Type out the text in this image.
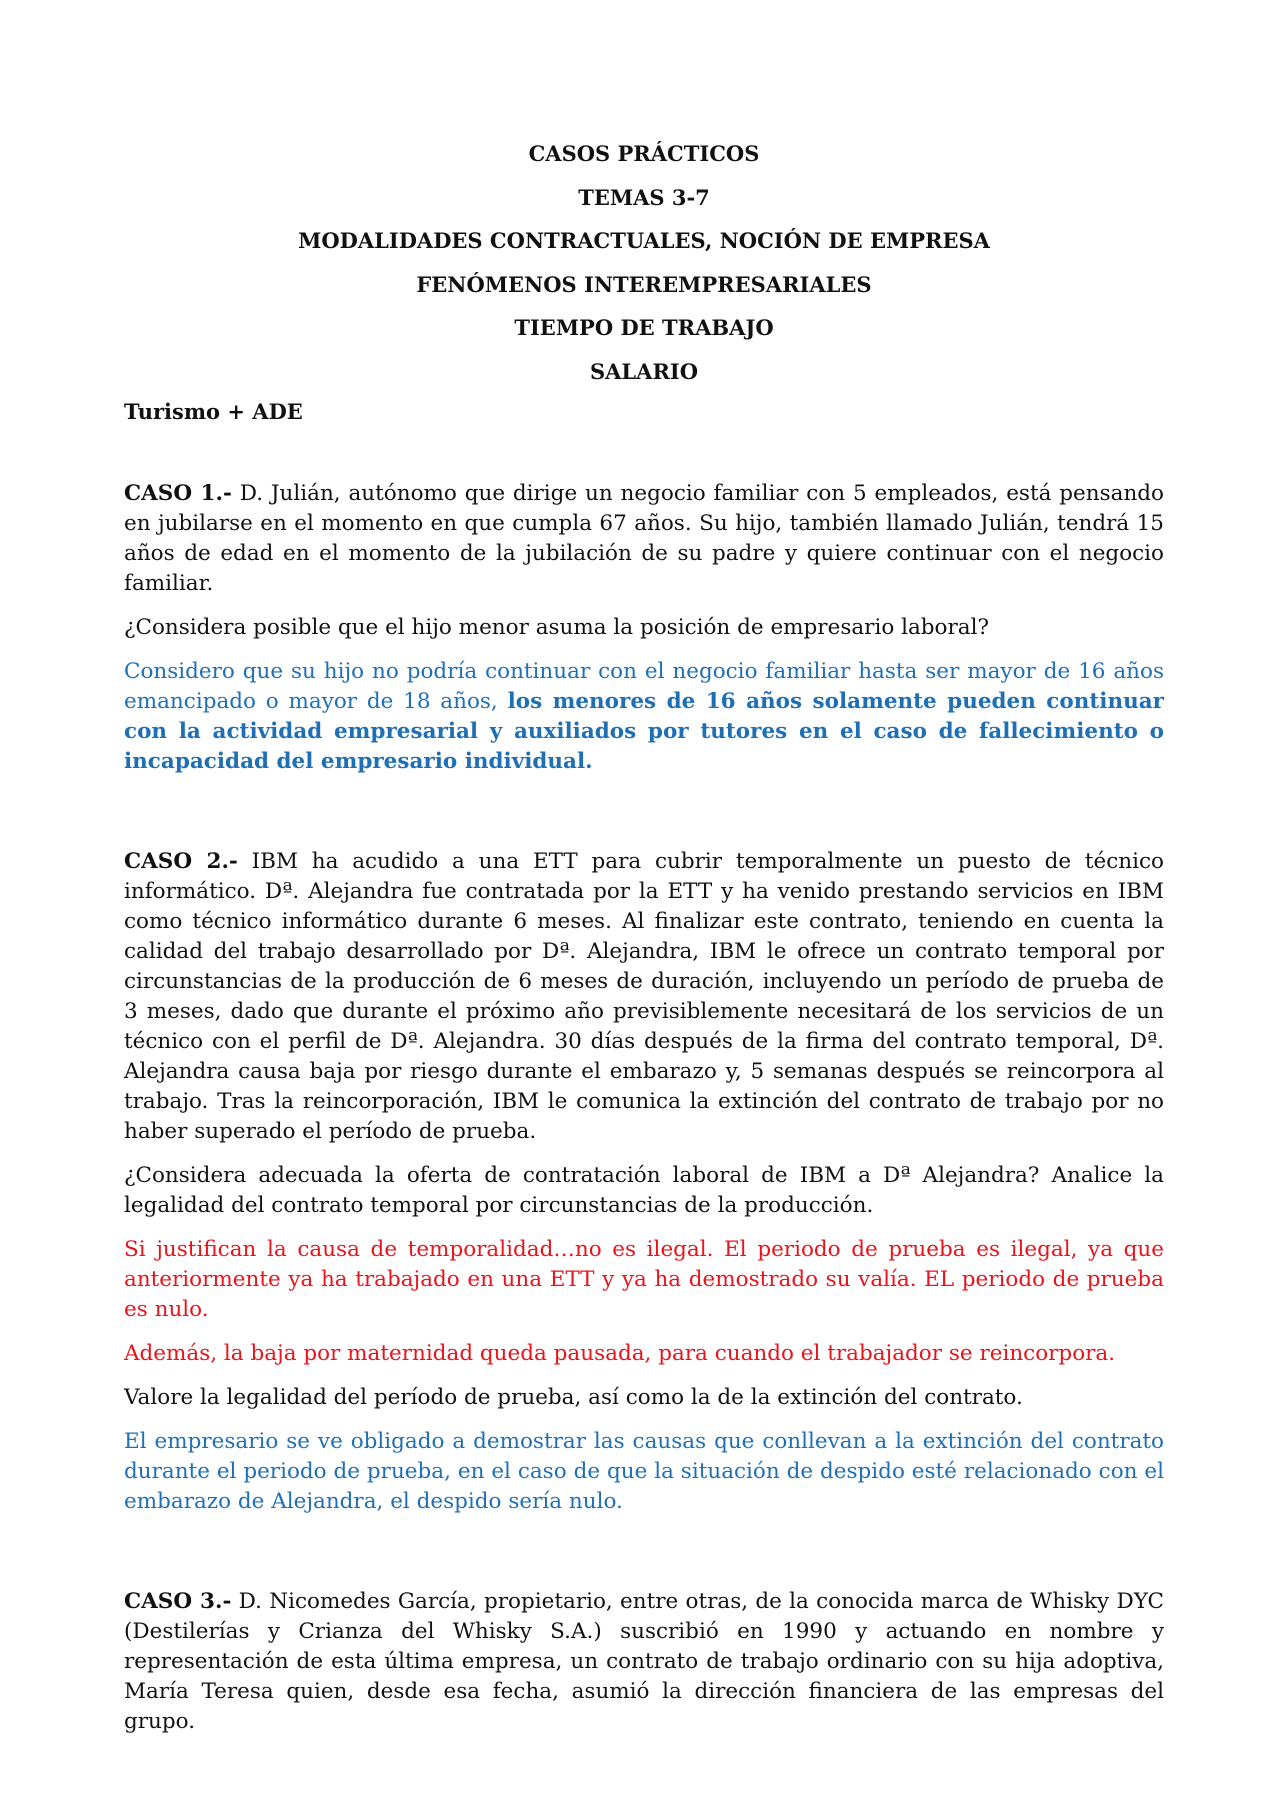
CASOS PRÁCTICOS
TEMAS 3-7
MODALIDADES CONTRACTUALES, NOCIÓN DE EMPRESA
FENÓMENOS INTEREMPRESARIALES
TIEMPO DE TRABAJO
SALARIO
Turismo + ADE

CASO 1.- D. Julián, autónomo que dirige un negocio familiar con 5 empleados, está pensando en jubilarse en el momento en que cumpla 67 años. Su hijo, también llamado Julián, tendrá 15 años de edad en el momento de la jubilación de su padre y quiere continuar con el negocio familiar.

¿Considera posible que el hijo menor asuma la posición de empresario laboral?

Considero que su hijo no podría continuar con el negocio familiar hasta ser mayor de 16 años emancipado o mayor de 18 años, los menores de 16 años solamente pueden continuar con la actividad empresarial y auxiliados por tutores en el caso de fallecimiento o incapacidad del empresario individual.

CASO 2.- IBM ha acudido a una ETT para cubrir temporalmente un puesto de técnico informático. Dª. Alejandra fue contratada por la ETT y ha venido prestando servicios en IBM como técnico informático durante 6 meses. Al finalizar este contrato, teniendo en cuenta la calidad del trabajo desarrollado por Dª. Alejandra, IBM le ofrece un contrato temporal por circunstancias de la producción de 6 meses de duración, incluyendo un período de prueba de 3 meses, dado que durante el próximo año previsiblemente necesitará de los servicios de un técnico con el perfil de Dª. Alejandra. 30 días después de la firma del contrato temporal, Dª. Alejandra causa baja por riesgo durante el embarazo y, 5 semanas después se reincorpora al trabajo. Tras la reincorporación, IBM le comunica la extinción del contrato de trabajo por no haber superado el período de prueba.

¿Considera adecuada la oferta de contratación laboral de IBM a Dª Alejandra? Analice la legalidad del contrato temporal por circunstancias de la producción.

Si justifican la causa de temporalidad…no es ilegal. El periodo de prueba es ilegal, ya que anteriormente ya ha trabajado en una ETT y ya ha demostrado su valía. EL periodo de prueba es nulo.

Además, la baja por maternidad queda pausada, para cuando el trabajador se reincorpora.

Valore la legalidad del período de prueba, así como la de la extinción del contrato.

El empresario se ve obligado a demostrar las causas que conllevan a la extinción del contrato durante el periodo de prueba, en el caso de que la situación de despido esté relacionado con el embarazo de Alejandra, el despido sería nulo.

CASO 3.- D. Nicomedes García, propietario, entre otras, de la conocida marca de Whisky DYC (Destilerías y Crianza del Whisky S.A.) suscribió en 1990 y actuando en nombre y representación de esta última empresa, un contrato de trabajo ordinario con su hija adoptiva, María Teresa quien, desde esa fecha, asumió la dirección financiera de las empresas del grupo.
